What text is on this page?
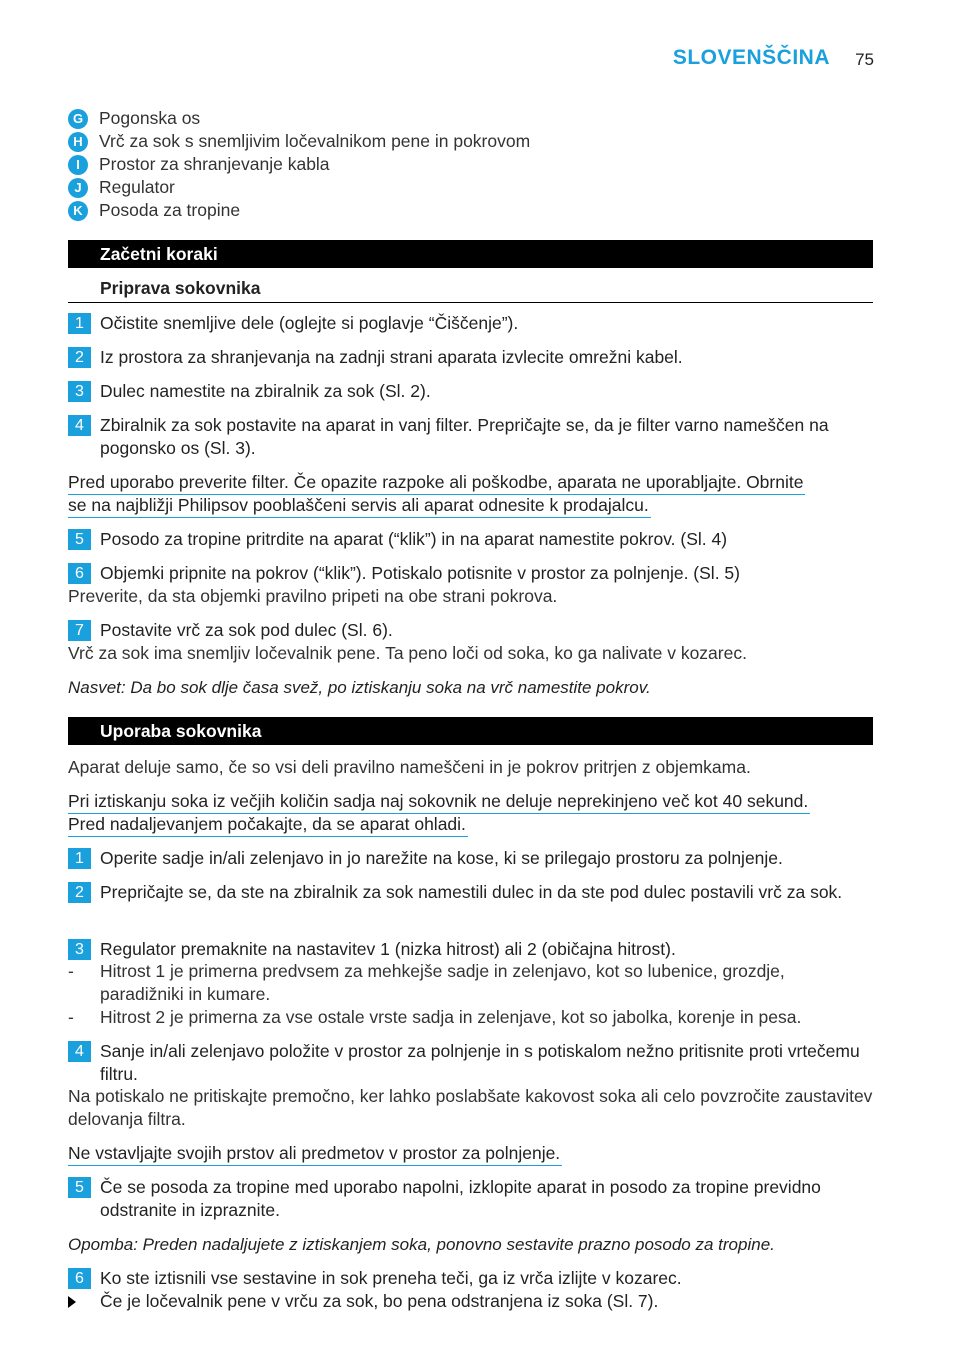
SLOVENŠČINA 75
G Pogonska os
H Vrč za sok s snemljivim ločevalnikom pene in pokrovom
I	Prostor za shranjevanje kabla
J Regulator
K Posoda za tropine
Začetni koraki
Priprava sokovnika
1 Očistite snemljive dele (oglejte si poglavje “Čiščenje”).
2 Iz prostora za shranjevanja na zadnji strani aparata izvlecite omrežni kabel.
3 Dulec namestite na zbiralnik za sok (Sl. 2).
4 Zbiralnik za sok postavite na aparat in vanj filter. Prepričajte se, da je filter varno nameščen na pogonsko os (Sl. 3).
Pred uporabo preverite filter. Če opazite razpoke ali poškodbe, aparata ne uporabljajte. Obrnite
se na najbližji Philipsov pooblaščeni servis ali aparat odnesite k prodajalcu.
5 Posodo za tropine pritrdite na aparat (“klik”) in na aparat namestite pokrov. (Sl. 4)
6 Objemki pripnite na pokrov (“klik”). Potiskalo potisnite v prostor za polnjenje. (Sl. 5)
Preverite, da sta objemki pravilno pripeti na obe strani pokrova.
7 Postavite vrč za sok pod dulec (Sl. 6).
Vrč za sok ima snemljiv ločevalnik pene. Ta peno loči od soka, ko ga nalivate v kozarec.
Nasvet: Da bo sok dlje časa svež, po iztiskanju soka na vrč namestite pokrov.
Uporaba sokovnika
Aparat deluje samo, če so vsi deli pravilno nameščeni in je pokrov pritrjen z objemkama.
Pri iztiskanju soka iz večjih količin sadja naj sokovnik ne deluje neprekinjeno več kot 40 sekund.
Pred nadaljevanjem počakajte, da se aparat ohladi.
1 Operite sadje in/ali zelenjavo in jo narežite na kose, ki se prilegajo prostoru za polnjenje.
2 Prepričajte se, da ste na zbiralnik za sok namestili dulec in da ste pod dulec postavili vrč za sok.
3 Regulator premaknite na nastavitev 1 (nizka hitrost) ali 2 (običajna hitrost).
- Hitrost 1 je primerna predvsem za mehkejše sadje in zelenjavo, kot so lubenice, grozdje, paradižniki in kumare.
- Hitrost 2 je primerna za vse ostale vrste sadja in zelenjave, kot so jabolka, korenje in pesa.
4 Sanje in/ali zelenjavo položite v prostor za polnjenje in s potiskalom nežno pritisnite proti vrtečemu filtru.
Na potiskalo ne pritiskajte premočno, ker lahko poslabšate kakovost soka ali celo povzročite zaustavitev delovanja filtra.
Ne vstavljajte svojih prstov ali predmetov v prostor za polnjenje.
5 Če se posoda za tropine med uporabo napolni, izklopite aparat in posodo za tropine previdno odstranite in izpraznite.
Opomba: Preden nadaljujete z iztiskanjem soka, ponovno sestavite prazno posodo za tropine.
6 Ko ste iztisnili vse sestavine in sok preneha teči, ga iz vrča izlijte v kozarec.
Če je ločevalnik pene v vrču za sok, bo pena odstranjena iz soka (Sl. 7).
